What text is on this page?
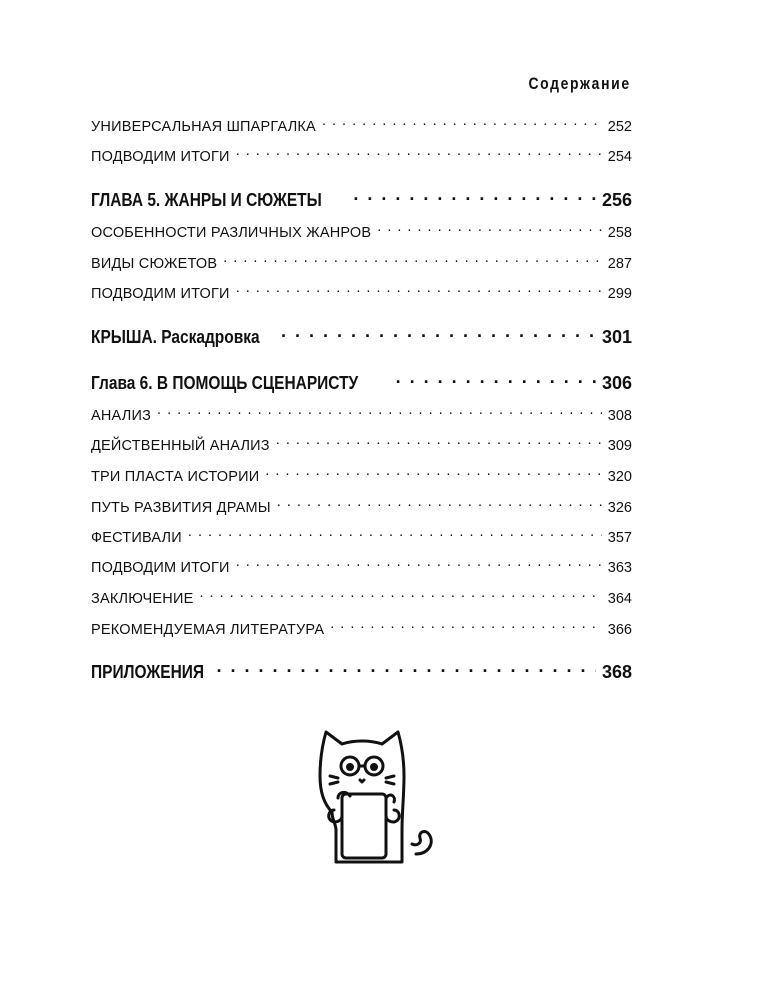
Содержание
УНИВЕРСАЛЬНАЯ ШПАРГАЛКА . . .	252
ПОДВОДИМ ИТОГИ . . .	254
ГЛАВА 5. ЖАНРЫ И СЮЖЕТЫ . . .	256
ОСОБЕННОСТИ РАЗЛИЧНЫХ ЖАНРОВ . . .	258
ВИДЫ СЮЖЕТОВ . . .	287
ПОДВОДИМ ИТОГИ . . .	299
КРЫША. Раскадровка . . .	301
Глава 6. В ПОМОЩЬ СЦЕНАРИСТУ . . .	306
АНАЛИЗ . . .	308
ДЕЙСТВЕННЫЙ АНАЛИЗ . . .	309
ТРИ ПЛАСТА ИСТОРИИ . . .	320
ПУТЬ РАЗВИТИЯ ДРАМЫ . . .	326
ФЕСТИВАЛИ . . .	357
ПОДВОДИМ ИТОГИ . . .	363
ЗАКЛЮЧЕНИЕ . . .	364
РЕКОМЕНДУЕМАЯ ЛИТЕРАТУРА . . .	366
ПРИЛОЖЕНИЯ . . .	368
